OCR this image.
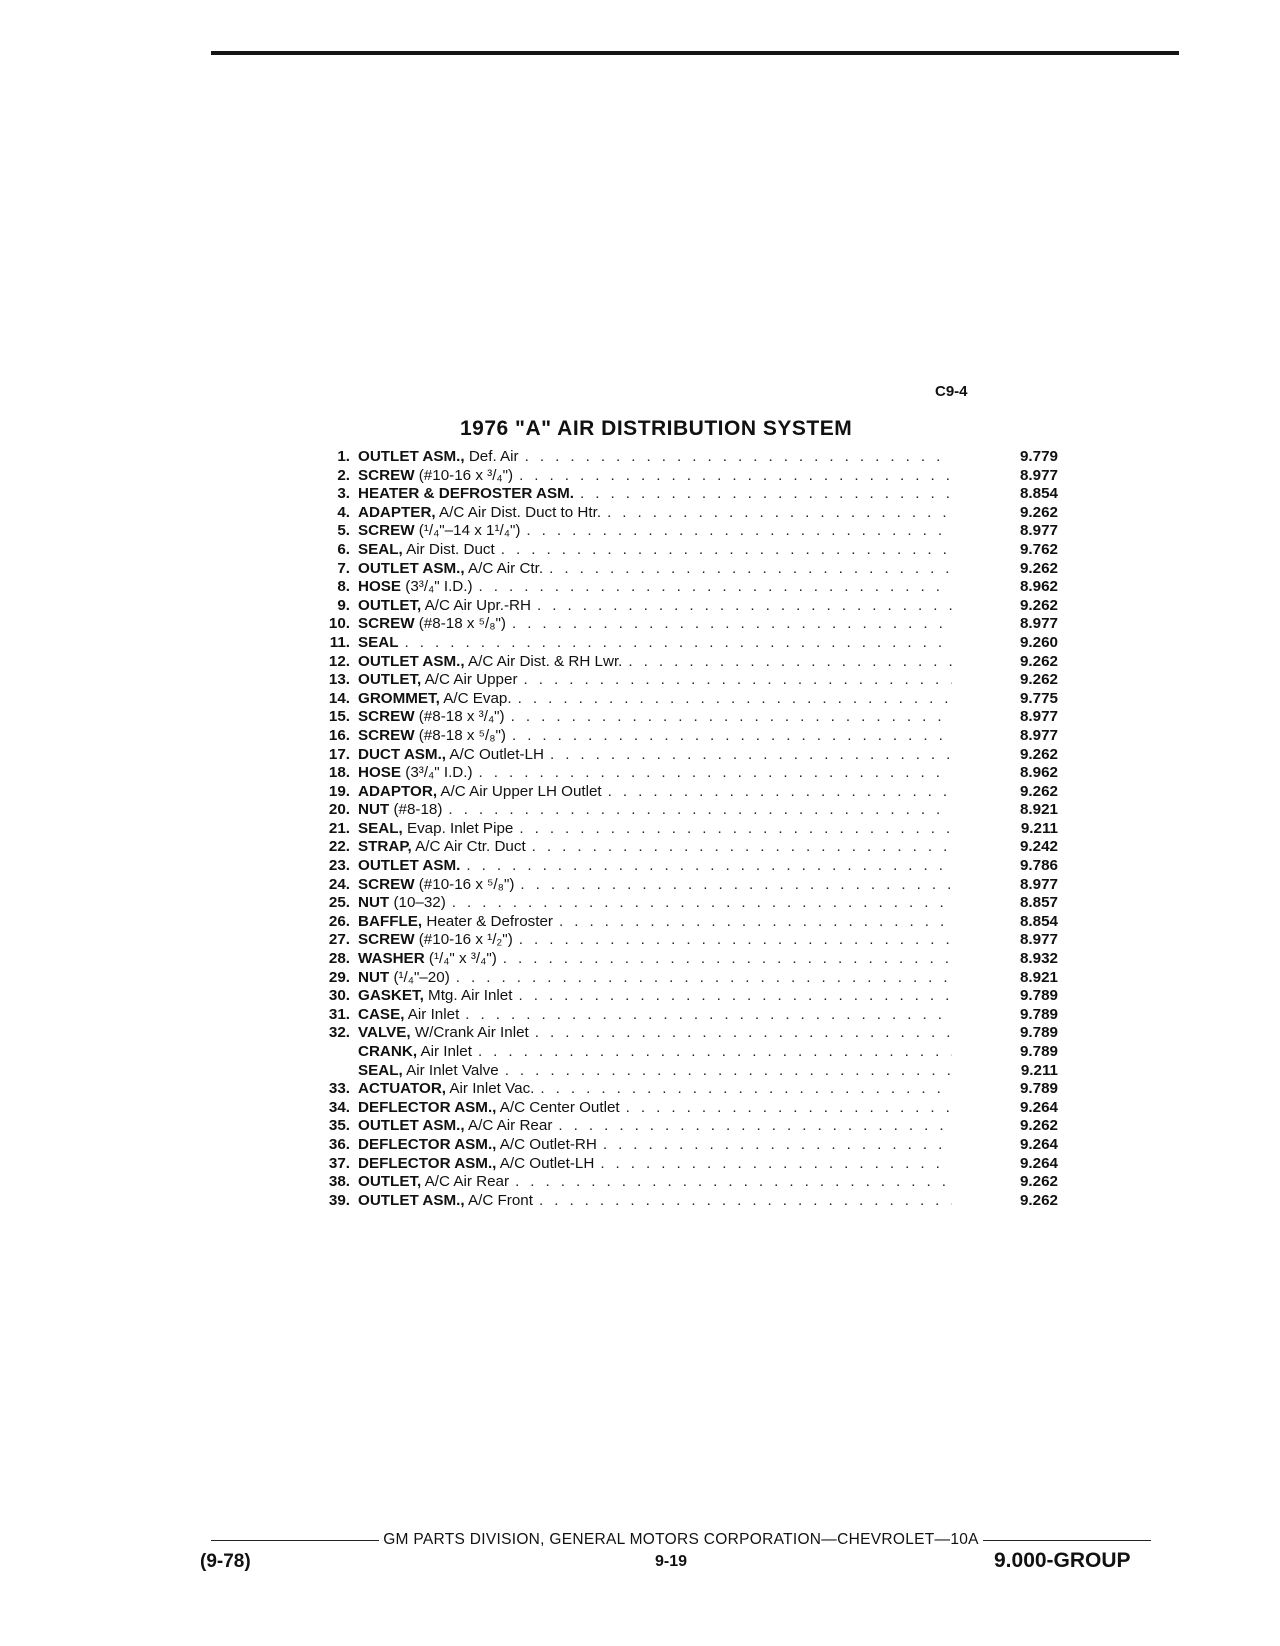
C9-4
1976 "A" AIR DISTRIBUTION SYSTEM
1. OUTLET ASM., Def. Air . . .	9.779
2. SCREW (#10-16 x ³/₄") . . .	8.977
3. HEATER & DEFROSTER ASM. . . .	8.854
4. ADAPTER, A/C Air Dist. Duct to Htr. . . .	9.262
5. SCREW (¹/₄"–14 x 1¹/₄") . . .	8.977
6. SEAL, Air Dist. Duct . . .	9.762
7. OUTLET ASM., A/C Air Ctr. . . .	9.262
8. HOSE (3³/₄" I.D.) . . .	8.962
9. OUTLET, A/C Air Upr.-RH . . .	9.262
10. SCREW (#8-18 x ⁵/₈") . . .	8.977
11. SEAL . . .	9.260
12. OUTLET ASM., A/C Air Dist. & RH Lwr. . . .	9.262
13. OUTLET, A/C Air Upper . . .	9.262
14. GROMMET, A/C Evap. . . .	9.775
15. SCREW (#8-18 x ³/₄") . . .	8.977
16. SCREW (#8-18 x ⁵/₈") . . .	8.977
17. DUCT ASM., A/C Outlet-LH . . .	9.262
18. HOSE (3³/₄" I.D.) . . .	8.962
19. ADAPTOR, A/C Air Upper LH Outlet . . .	9.262
20. NUT (#8-18) . . .	8.921
21. SEAL, Evap. Inlet Pipe . . .	9.211
22. STRAP, A/C Air Ctr. Duct . . .	9.242
23. OUTLET ASM. . . .	9.786
24. SCREW (#10-16 x ⁵/₈") . . .	8.977
25. NUT (10–32) . . .	8.857
26. BAFFLE, Heater & Defroster . . .	8.854
27. SCREW (#10-16 x ¹/₂") . . .	8.977
28. WASHER (¹/₄" x ³/₄") . . .	8.932
29. NUT (¹/₄"–20) . . .	8.921
30. GASKET, Mtg. Air Inlet . . .	9.789
31. CASE, Air Inlet . . .	9.789
32. VALVE, W/Crank Air Inlet . . .	9.789
CRANK, Air Inlet . . .	9.789
SEAL, Air Inlet Valve . . .	9.211
33. ACTUATOR, Air Inlet Vac. . . .	9.789
34. DEFLECTOR ASM., A/C Center Outlet . . .	9.264
35. OUTLET ASM., A/C Air Rear . . .	9.262
36. DEFLECTOR ASM., A/C Outlet-RH . . .	9.264
37. DEFLECTOR ASM., A/C Outlet-LH . . .	9.264
38. OUTLET, A/C Air Rear . . .	9.262
39. OUTLET ASM., A/C Front . . .	9.262
GM PARTS DIVISION, GENERAL MOTORS CORPORATION—CHEVROLET—10A
(9-78)	9-19	9.000-GROUP
